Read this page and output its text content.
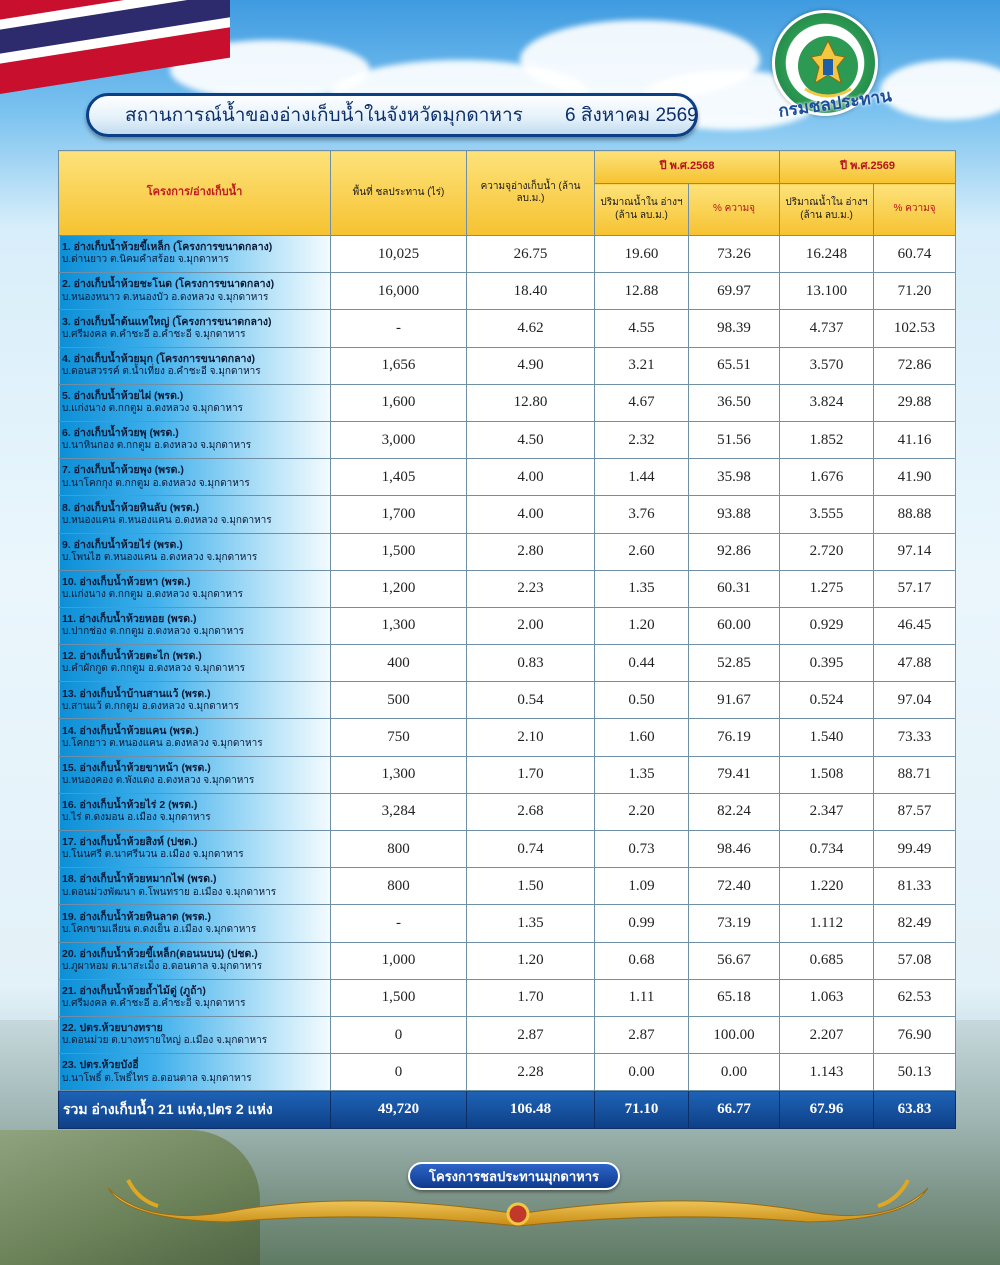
กรมชลประทาน
สถานการณ์น้ำของอ่างเก็บน้ำในจังหวัดมุกดาหาร
6 สิงหาคม 2569
โครงการ/อ่างเก็บน้ำ	พื้นที่ ชลประทาน (ไร่)	ความจุอ่างเก็บน้ำ (ล้าน ลบ.ม.)	ปี พ.ศ.2568		ปี พ.ศ.2569	
			ปริมาณน้ำใน อ่างฯ (ล้าน ลบ.ม.)	% ความจุ	ปริมาณน้ำใน อ่างฯ (ล้าน ลบ.ม.)	% ความจุ

1. อ่างเก็บน้ำห้วยขี้เหล็ก (โครงการขนาดกลาง)
บ.ด่านยาว ต.นิคมคำสร้อย จ.มุกดาหาร	10,025	26.75	19.60	73.26	16.248	60.74

2. อ่างเก็บน้ำห้วยชะโนด (โครงการขนาดกลาง)
บ.หนองหนาว ต.หนองบัว อ.ดงหลวง จ.มุกดาหาร	16,000	18.40	12.88	69.97	13.100	71.20

3. อ่างเก็บน้ำต้นแทใหญ่ (โครงการขนาดกลาง)
บ.ศรีมงคล ต.คำชะอี อ.คำชะอี จ.มุกดาหาร	-	4.62	4.55	98.39	4.737	102.53

4. อ่างเก็บน้ำห้วยมุก (โครงการขนาดกลาง)
บ.ดอนสวรรค์ ต.น้ำเที่ยง อ.คำชะอี จ.มุกดาหาร	1,656	4.90	3.21	65.51	3.570	72.86

5. อ่างเก็บน้ำห้วยไผ่ (พรด.)
บ.แก่งนาง ต.กกตูม อ.ดงหลวง จ.มุกดาหาร	1,600	12.80	4.67	36.50	3.824	29.88

6. อ่างเก็บน้ำห้วยพุ (พรด.)
บ.นาหินกอง ต.กกตูม อ.ดงหลวง จ.มุกดาหาร	3,000	4.50	2.32	51.56	1.852	41.16

7. อ่างเก็บน้ำห้วยพุง (พรด.)
บ.นาโคกกุง ต.กกตูม อ.ดงหลวง จ.มุกดาหาร	1,405	4.00	1.44	35.98	1.676	41.90

8. อ่างเก็บน้ำห้วยหินลับ (พรด.)
บ.หนองแคน ต.หนองแคน อ.ดงหลวง จ.มุกดาหาร	1,700	4.00	3.76	93.88	3.555	88.88

9. อ่างเก็บน้ำห้วยไร่ (พรด.)
บ.โพนไฮ ต.หนองแคน อ.ดงหลวง จ.มุกดาหาร	1,500	2.80	2.60	92.86	2.720	97.14

10. อ่างเก็บน้ำห้วยหา (พรด.)
บ.แก่งนาง ต.กกตูม อ.ดงหลวง จ.มุกดาหาร	1,200	2.23	1.35	60.31	1.275	57.17

11. อ่างเก็บน้ำห้วยหอย (พรด.)
บ.ปากช่อง ต.กกตูม อ.ดงหลวง จ.มุกดาหาร	1,300	2.00	1.20	60.00	0.929	46.45

12. อ่างเก็บน้ำห้วยตะไก (พรด.)
บ.คำผักกูด ต.กกตูม อ.ดงหลวง จ.มุกดาหาร	400	0.83	0.44	52.85	0.395	47.88

13. อ่างเก็บน้ำบ้านสานแว้ (พรด.)
บ.สานแว้ ต.กกตูม อ.ดงหลวง จ.มุกดาหาร	500	0.54	0.50	91.67	0.524	97.04

14. อ่างเก็บน้ำห้วยแคน (พรด.)
บ.โคกยาว ต.หนองแคน อ.ดงหลวง จ.มุกดาหาร	750	2.10	1.60	76.19	1.540	73.33

15. อ่างเก็บน้ำห้วยขาหน้า (พรด.)
บ.หนองคอง ต.พังแดง อ.ดงหลวง จ.มุกดาหาร	1,300	1.70	1.35	79.41	1.508	88.71

16. อ่างเก็บน้ำห้วยไร่ 2 (พรด.)
บ.ไร่ ต.ดงมอน อ.เมือง จ.มุกดาหาร	3,284	2.68	2.20	82.24	2.347	87.57

17. อ่างเก็บน้ำห้วยสิงห์ (ปชด.)
บ.โนนศรี ต.นาศรีนวน อ.เมือง จ.มุกดาหาร	800	0.74	0.73	98.46	0.734	99.49

18. อ่างเก็บน้ำห้วยหมากไฟ (พรด.)
บ.ดอนม่วงพัฒนา ต.โพนทราย อ.เมือง จ.มุกดาหาร	800	1.50	1.09	72.40	1.220	81.33

19. อ่างเก็บน้ำห้วยหินลาด (พรด.)
บ.โคกขามเลียน ต.ดงเย็น อ.เมือง จ.มุกดาหาร	-	1.35	0.99	73.19	1.112	82.49

20. อ่างเก็บน้ำห้วยขี้เหล็ก(ดอนนบน) (ปชด.)
บ.ภูผาหอม ต.นาสะเม็ง อ.ดอนตาล จ.มุกดาหาร	1,000	1.20	0.68	56.67	0.685	57.08

21. อ่างเก็บน้ำห้วยถ้ำไม้ดู่ (ภูถ้า)
บ.ศรีมงคล ต.คำชะอี อ.คำชะอี จ.มุกดาหาร	1,500	1.70	1.11	65.18	1.063	62.53

22. ปตร.ห้วยบางทราย
บ.ดอนม่วย ต.บางทรายใหญ่ อ.เมือง จ.มุกดาหาร	0	2.87	2.87	100.00	2.207	76.90

23. ปตร.ห้วยบังอี่
บ.นาโพธิ์ ต.โพธิ์ไทร อ.ดอนตาล จ.มุกดาหาร	0	2.28	0.00	0.00	1.143	50.13
รวม อ่างเก็บน้ำ 21 แห่ง,ปตร 2 แห่ง	49,720	106.48	71.10	66.77	67.96	63.83
โครงการชลประทานมุกดาหาร
